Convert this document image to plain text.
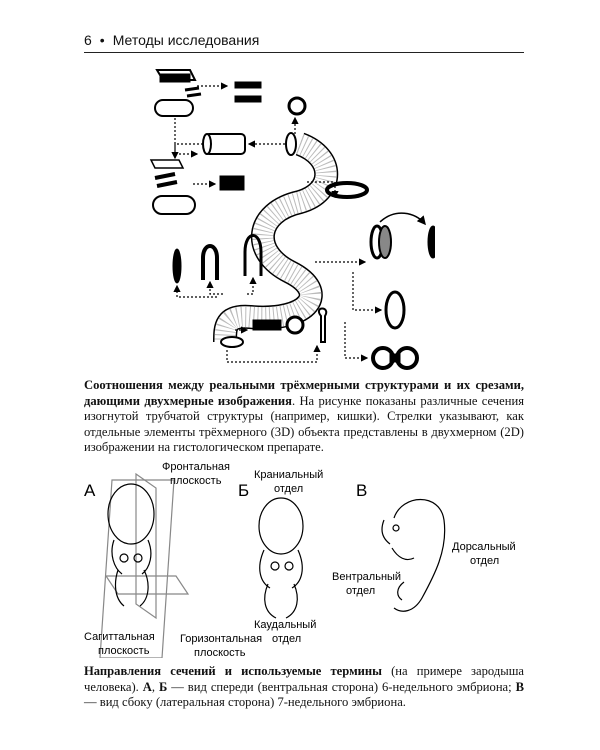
6 • Методы исследования
Соотношения между реальными трёхмерными структурами и их срезами, дающими двухмерные изображения. На рисунке показаны различные сечения изогнутой трубчатой структуры (например, кишки). Стрелки указывают, как отдельные элементы трёхмерного (3D) объекта представлены в двухмерном (2D) изображении на гистологическом препарате.
А	Б	В
Фронтальная
плоскость
Сагиттальная
плоскость
Горизонтальная
плоскость
Краниальный
отдел
Каудальный
отдел
Дорсальный
отдел
Вентральный
отдел
Направления сечений и используемые термины (на примере зародыша человека). А, Б — вид спереди (вентральная сторона) 6-недельного эмбриона; В — вид сбоку (латеральная сторона) 7-недельного эмбриона.
